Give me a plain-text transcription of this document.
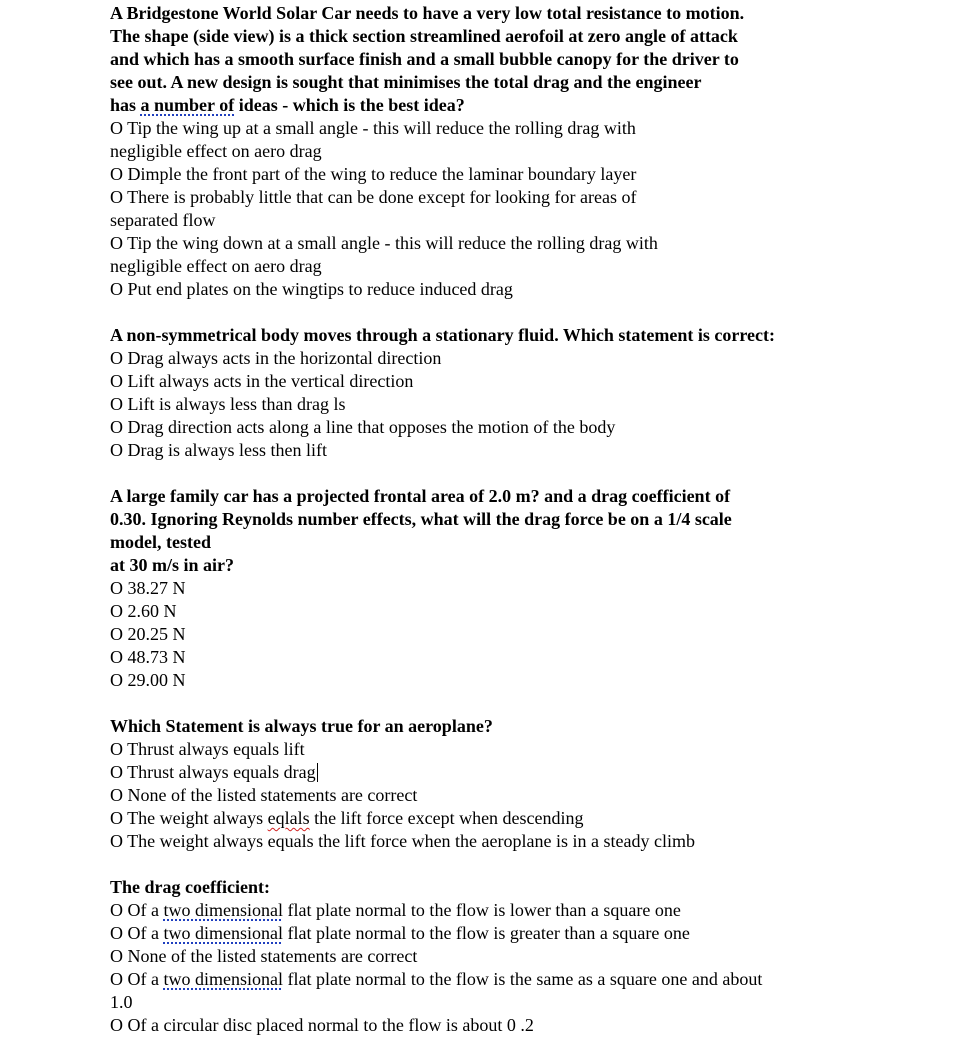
A Bridgestone World Solar Car needs to have a very low total resistance to motion.
The shape (side view) is a thick section streamlined aerofoil at zero angle of attack
and which has a smooth surface finish and a small bubble canopy for the driver to
see out. A new design is sought that minimises the total drag and the engineer
has a number of ideas - which is the best idea?
O Tip the wing up at a small angle - this will reduce the rolling drag with
negligible effect on aero drag
O Dimple the front part of the wing to reduce the laminar boundary layer
O There is probably little that can be done except for looking for areas of
separated flow
O Tip the wing down at a small angle - this will reduce the rolling drag with
negligible effect on aero drag
O Put end plates on the wingtips to reduce induced drag
A non-symmetrical body moves through a stationary fluid. Which statement is correct:
O Drag always acts in the horizontal direction
O Lift always acts in the vertical direction
O Lift is always less than drag ls
O Drag direction acts along a line that opposes the motion of the body
O Drag is always less then lift
A large family car has a projected frontal area of 2.0 m? and a drag coefficient of
0.30. Ignoring Reynolds number effects, what will the drag force be on a 1/4 scale
model, tested
at 30 m/s in air?
O 38.27 N
O 2.60 N
O 20.25 N
O 48.73 N
O 29.00 N
Which Statement is always true for an aeroplane?
O Thrust always equals lift
O Thrust always equals drag
O None of the listed statements are correct
O The weight always eqlals the lift force except when descending
O The weight always equals the lift force when the aeroplane is in a steady climb
The drag coefficient:
O Of a two dimensional flat plate normal to the flow is lower than a square one
O Of a two dimensional flat plate normal to the flow is greater than a square one
O None of the listed statements are correct
O Of a two dimensional flat plate normal to the flow is the same as a square one and about
1.0
O Of a circular disc placed normal to the flow is about 0 .2
